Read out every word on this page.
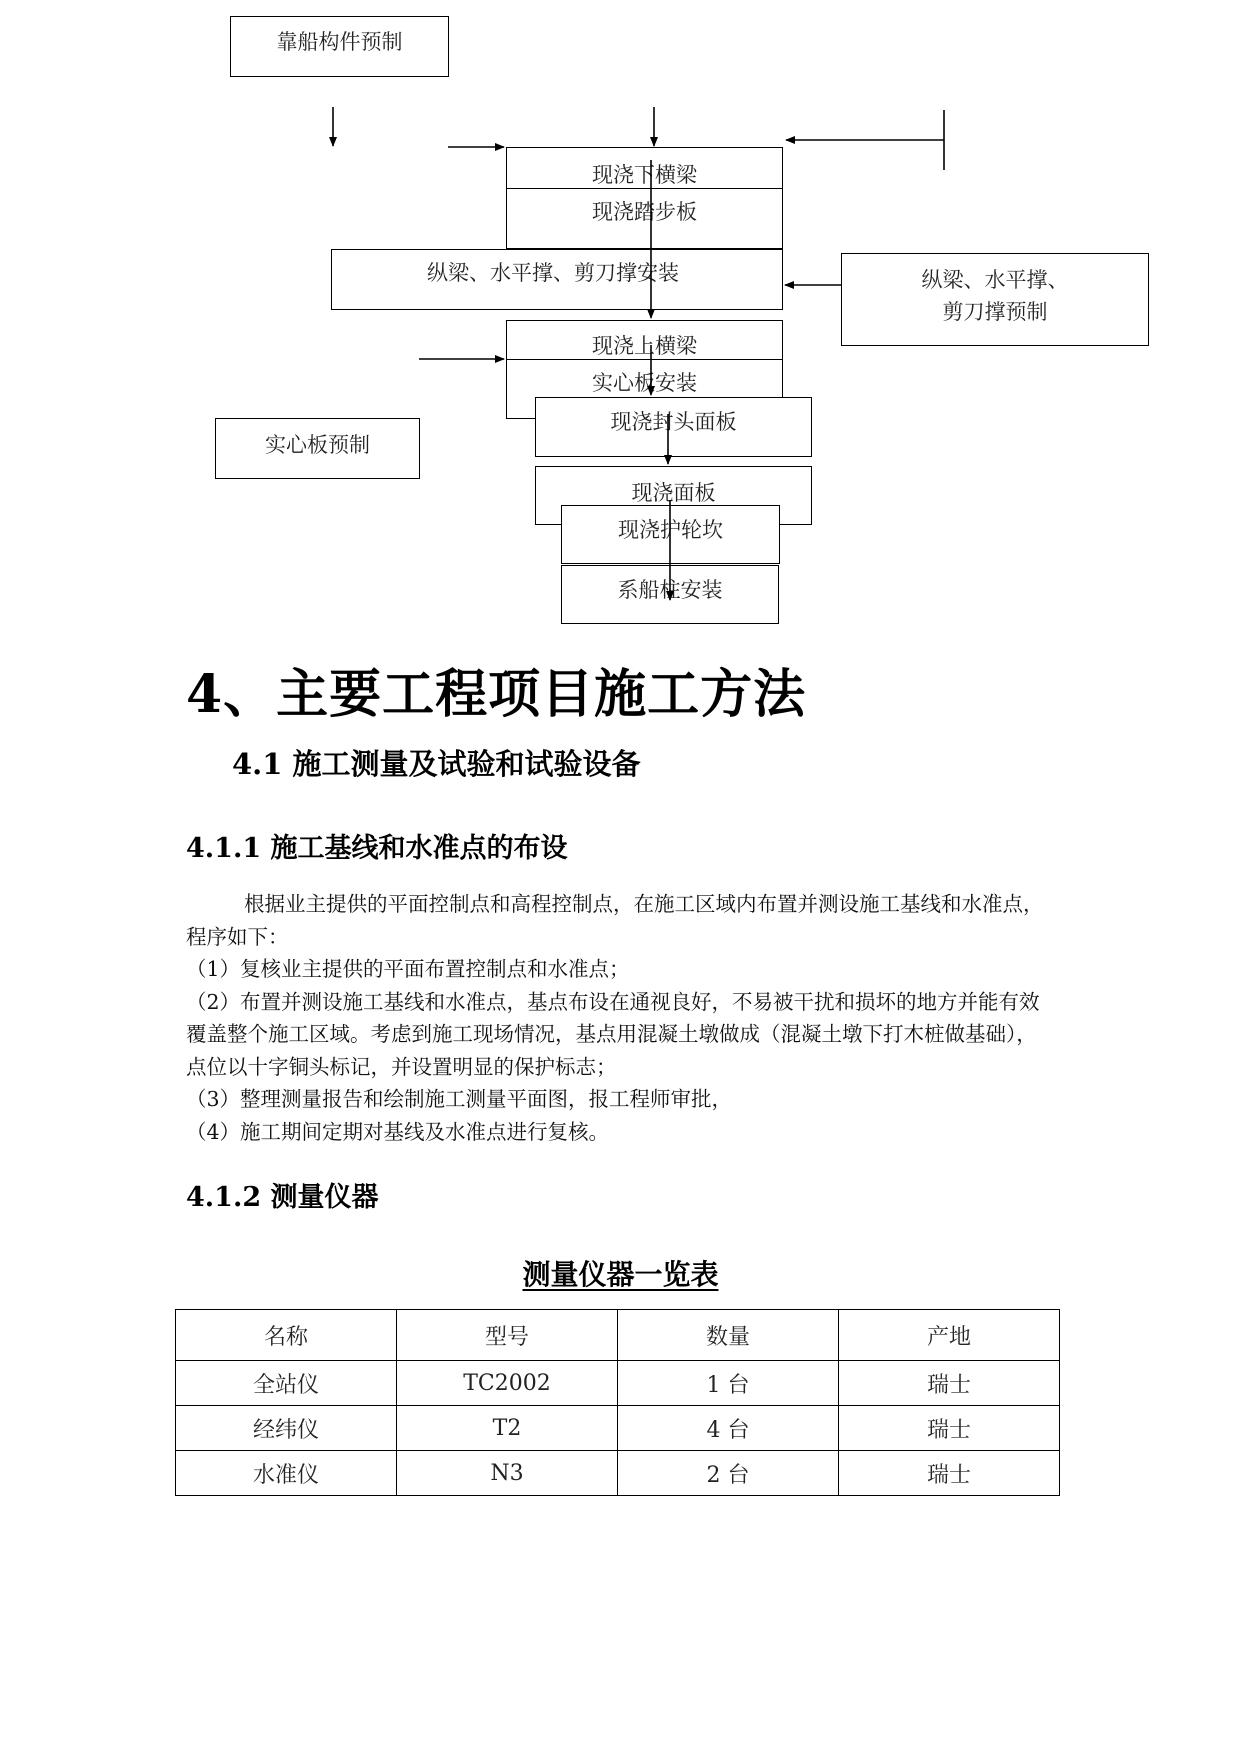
靠船构件预制
现浇下横梁
现浇踏步板
纵梁、水平撑、剪刀撑安装	纵梁、水平撑、
剪刀撑预制
现浇上横梁
实心板安装
实心板预制
现浇封头面板
现浇面板
现浇护轮坎
系船柱安装
4、主要工程项目施工方法
4.1 施工测量及试验和试验设备
4.1.1 施工基线和水准点的布设

根据业主提供的平面控制点和高程控制点，在施工区域内布置并测设施工基线和水准点，程序如下：

（1）复核业主提供的平面布置控制点和水准点；

（2）布置并测设施工基线和水准点，基点布设在通视良好，不易被干扰和损坏的地方并能有效覆盖整个施工区域。考虑到施工现场情况，基点用混凝土墩做成（混凝土墩下打木桩做基础），点位以十字铜头标记，并设置明显的保护标志；

（3）整理测量报告和绘制施工测量平面图，报工程师审批，

（4）施工期间定期对基线及水准点进行复核。

4.1.2 测量仪器
测量仪器一览表
名称	型号	数量	产地
全站仪	TC2002	1 台	瑞士
经纬仪	T2	4 台	瑞士
水准仪	N3	2 台	瑞士
